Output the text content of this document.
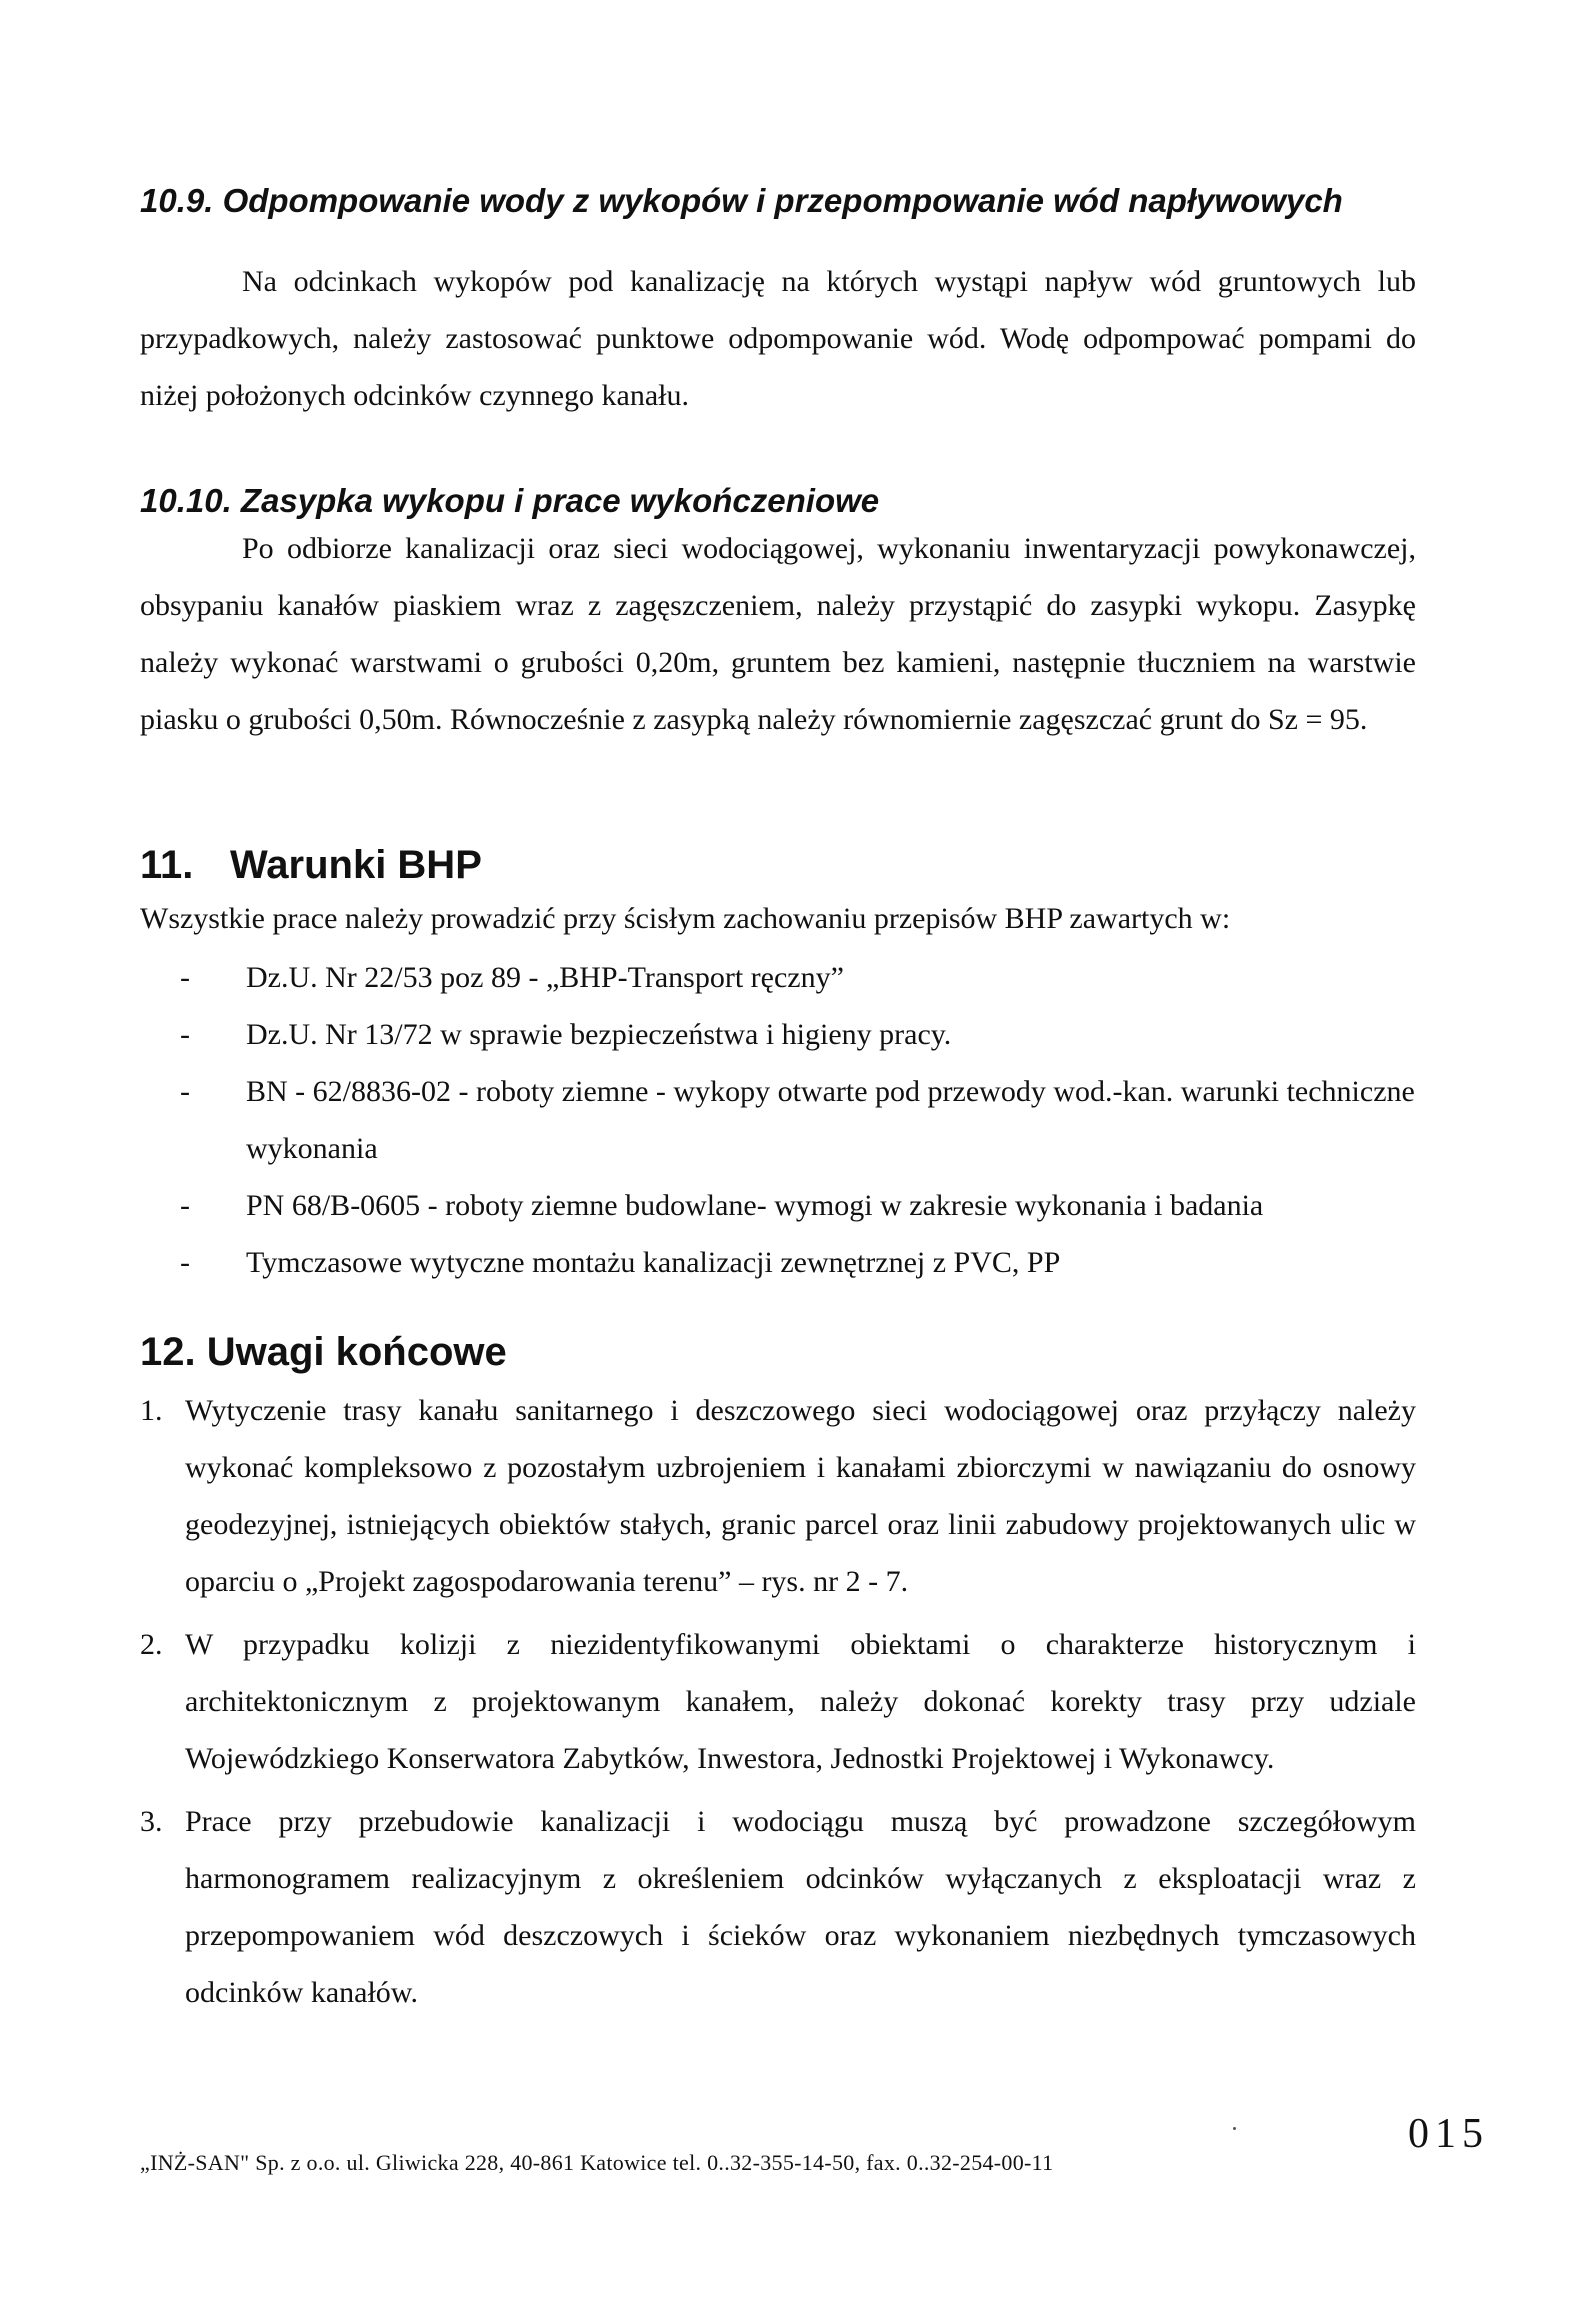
10.9. Odpompowanie wody z wykopów i przepompowanie wód napływowych

Na odcinkach wykopów pod kanalizację na których wystąpi napływ wód gruntowych lub przypadkowych, należy zastosować punktowe odpompowanie wód. Wodę odpompować pompami do niżej położonych odcinków czynnego kanału.

10.10. Zasypka wykopu i prace wykończeniowe

Po odbiorze kanalizacji oraz sieci wodociągowej, wykonaniu inwentaryzacji powykonawczej, obsypaniu kanałów piaskiem wraz z zagęszczeniem, należy przystąpić do zasypki wykopu. Zasypkę należy wykonać warstwami o grubości 0,20m, gruntem bez kamieni, następnie tłuczniem na warstwie piasku o grubości 0,50m. Równocześnie z zasypką należy równomiernie zagęszczać grunt do Sz = 95.

11. Warunki BHP

Wszystkie prace należy prowadzić przy ścisłym zachowaniu przepisów BHP zawartych w:

- Dz.U. Nr 22/53 poz 89 - „BHP-Transport ręczny”
- Dz.U. Nr 13/72 w sprawie bezpieczeństwa i higieny pracy.
- BN - 62/8836-02 - roboty ziemne - wykopy otwarte pod przewody wod.-kan. warunki techniczne wykonania
- PN 68/B-0605 - roboty ziemne budowlane- wymogi w zakresie wykonania i badania
- Tymczasowe wytyczne montażu kanalizacji zewnętrznej z PVC, PP
12. Uwagi końcowe
1. Wytyczenie trasy kanału sanitarnego i deszczowego sieci wodociągowej oraz przyłączy należy wykonać kompleksowo z pozostałym uzbrojeniem i kanałami zbiorczymi w nawiązaniu do osnowy geodezyjnej, istniejących obiektów stałych, granic parcel oraz linii zabudowy projektowanych ulic w oparciu o „Projekt zagospodarowania terenu” – rys. nr 2 - 7.
2. W przypadku kolizji z niezidentyfikowanymi obiektami o charakterze historycznym i architektonicznym z projektowanym kanałem, należy dokonać korekty trasy przy udziale Wojewódzkiego Konserwatora Zabytków, Inwestora, Jednostki Projektowej i Wykonawcy.
3. Prace przy przebudowie kanalizacji i wodociągu muszą być prowadzone szczegółowym harmonogramem realizacyjnym z określeniem odcinków wyłączanych z eksploatacji wraz z przepompowaniem wód deszczowych i ścieków oraz wykonaniem niezbędnych tymczasowych odcinków kanałów.
„INŻ-SAN" Sp. z o.o. ul. Gliwicka 228, 40-861 Katowice tel. 0..32-355-14-50, fax. 0..32-254-00-11
015
